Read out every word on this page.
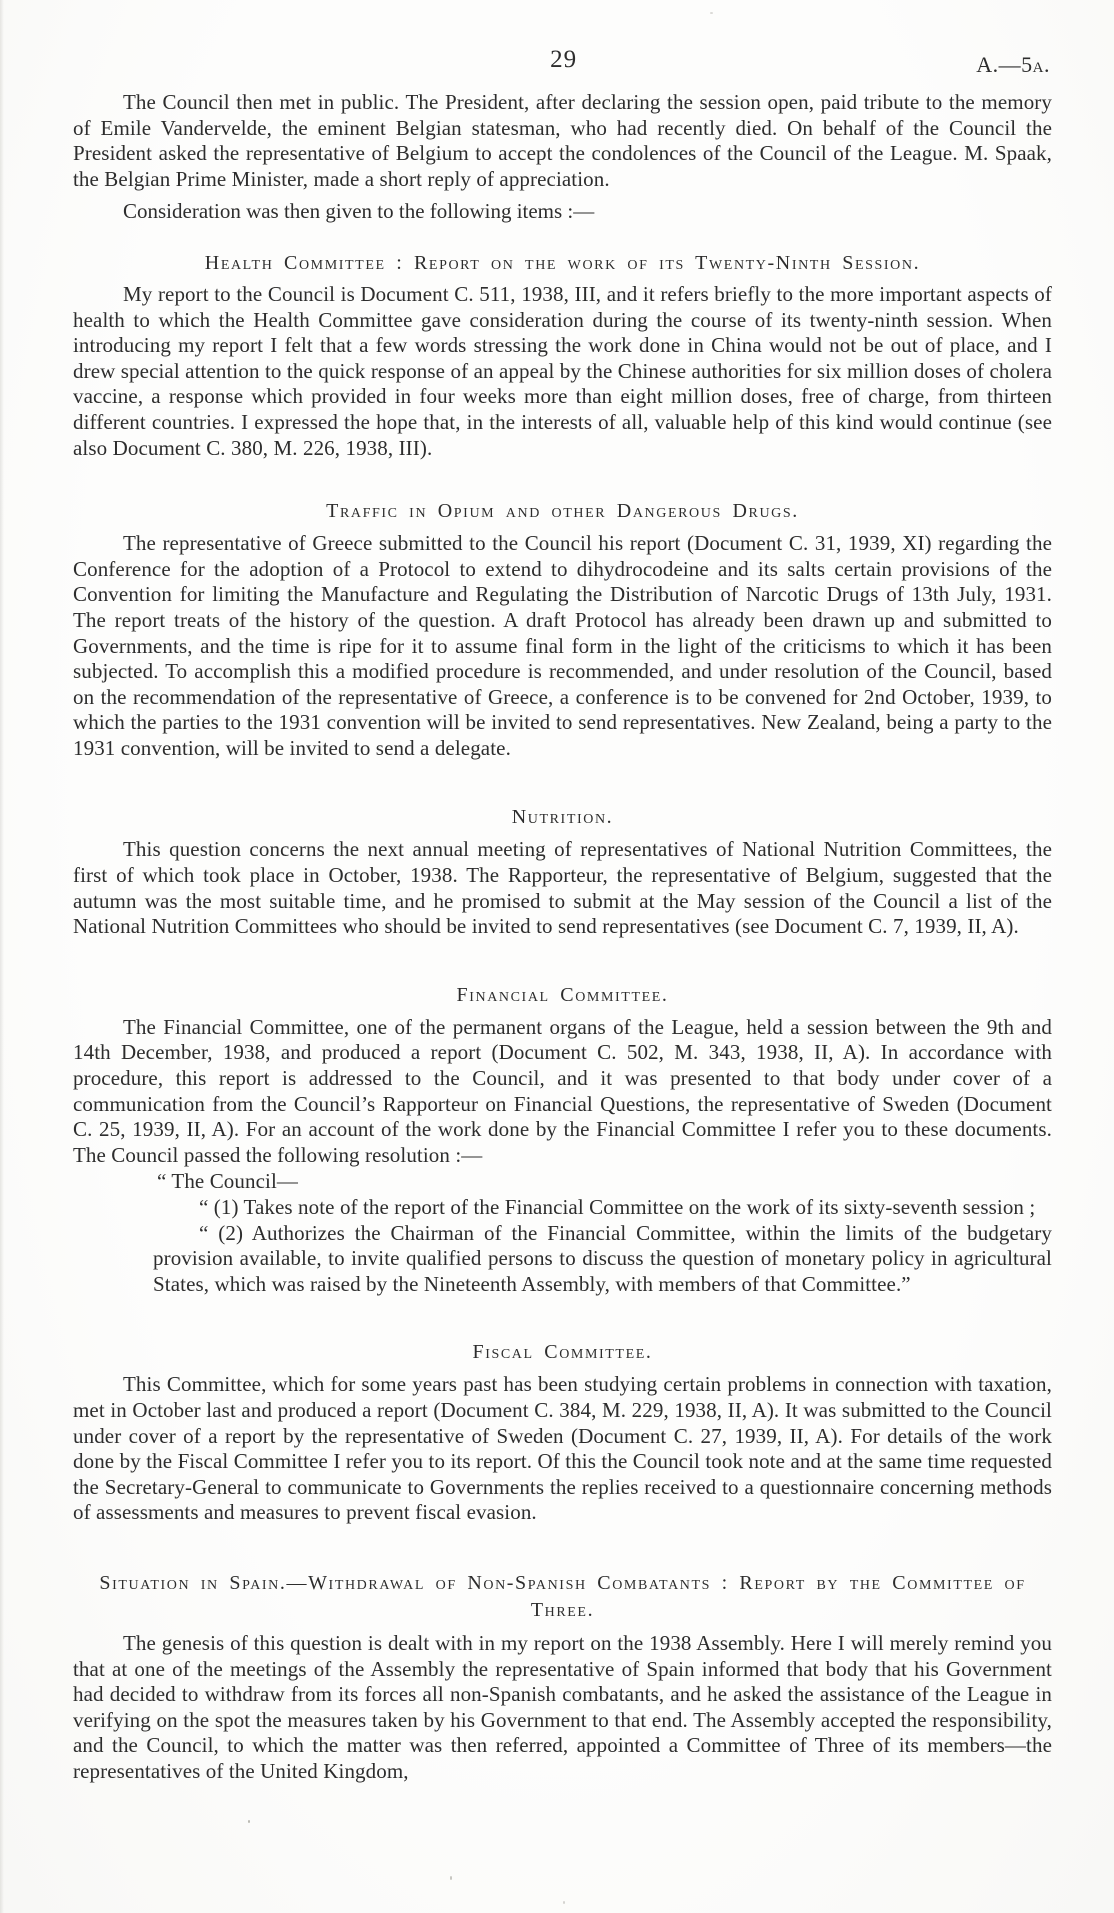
29	A.—5a.

The Council then met in public. The President, after declaring the session open, paid tribute to the memory of Emile Vandervelde, the eminent Belgian statesman, who had recently died. On behalf of the Council the President asked the representative of Belgium to accept the condolences of the Council of the League. M. Spaak, the Belgian Prime Minister, made a short reply of appreciation.

Consideration was then given to the following items :—

Health Committee : Report on the work of its Twenty-Ninth Session.

My report to the Council is Document C. 511, 1938, III, and it refers briefly to the more important aspects of health to which the Health Committee gave consideration during the course of its twenty-ninth session. When introducing my report I felt that a few words stressing the work done in China would not be out of place, and I drew special attention to the quick response of an appeal by the Chinese authorities for six million doses of cholera vaccine, a response which provided in four weeks more than eight million doses, free of charge, from thirteen different countries. I expressed the hope that, in the interests of all, valuable help of this kind would continue (see also Document C. 380, M. 226, 1938, III).

Traffic in Opium and other Dangerous Drugs.

The representative of Greece submitted to the Council his report (Document C. 31, 1939, XI) regarding the Conference for the adoption of a Protocol to extend to dihydrocodeine and its salts certain provisions of the Convention for limiting the Manufacture and Regulating the Distribution of Narcotic Drugs of 13th July, 1931. The report treats of the history of the question. A draft Protocol has already been drawn up and submitted to Governments, and the time is ripe for it to assume final form in the light of the criticisms to which it has been subjected. To accomplish this a modified procedure is recommended, and under resolution of the Council, based on the recommendation of the representative of Greece, a conference is to be convened for 2nd October, 1939, to which the parties to the 1931 convention will be invited to send representatives. New Zealand, being a party to the 1931 convention, will be invited to send a delegate.

Nutrition.

This question concerns the next annual meeting of representatives of National Nutrition Committees, the first of which took place in October, 1938. The Rapporteur, the representative of Belgium, suggested that the autumn was the most suitable time, and he promised to submit at the May session of the Council a list of the National Nutrition Committees who should be invited to send representatives (see Document C. 7, 1939, II, A).

Financial Committee.

The Financial Committee, one of the permanent organs of the League, held a session between the 9th and 14th December, 1938, and produced a report (Document C. 502, M. 343, 1938, II, A). In accordance with procedure, this report is addressed to the Council, and it was presented to that body under cover of a communication from the Council’s Rapporteur on Financial Questions, the representative of Sweden (Document C. 25, 1939, II, A). For an account of the work done by the Financial Committee I refer you to these documents. The Council passed the following resolution :—

“ The Council—

“ (1) Takes note of the report of the Financial Committee on the work of its sixty-seventh session ;

“ (2) Authorizes the Chairman of the Financial Committee, within the limits of the budgetary provision available, to invite qualified persons to discuss the question of monetary policy in agricultural States, which was raised by the Nineteenth Assembly, with members of that Committee.”

Fiscal Committee.

This Committee, which for some years past has been studying certain problems in connection with taxation, met in October last and produced a report (Document C. 384, M. 229, 1938, II, A). It was submitted to the Council under cover of a report by the representative of Sweden (Document C. 27, 1939, II, A). For details of the work done by the Fiscal Committee I refer you to its report. Of this the Council took note and at the same time requested the Secretary-General to communicate to Governments the replies received to a questionnaire concerning methods of assessments and measures to prevent fiscal evasion.

Situation in Spain.—Withdrawal of Non-Spanish Combatants : Report by the Committee of Three.

The genesis of this question is dealt with in my report on the 1938 Assembly. Here I will merely remind you that at one of the meetings of the Assembly the representative of Spain informed that body that his Government had decided to withdraw from its forces all non-Spanish combatants, and he asked the assistance of the League in verifying on the spot the measures taken by his Government to that end. The Assembly accepted the responsibility, and the Council, to which the matter was then referred, appointed a Committee of Three of its members—the representatives of the United Kingdom,
